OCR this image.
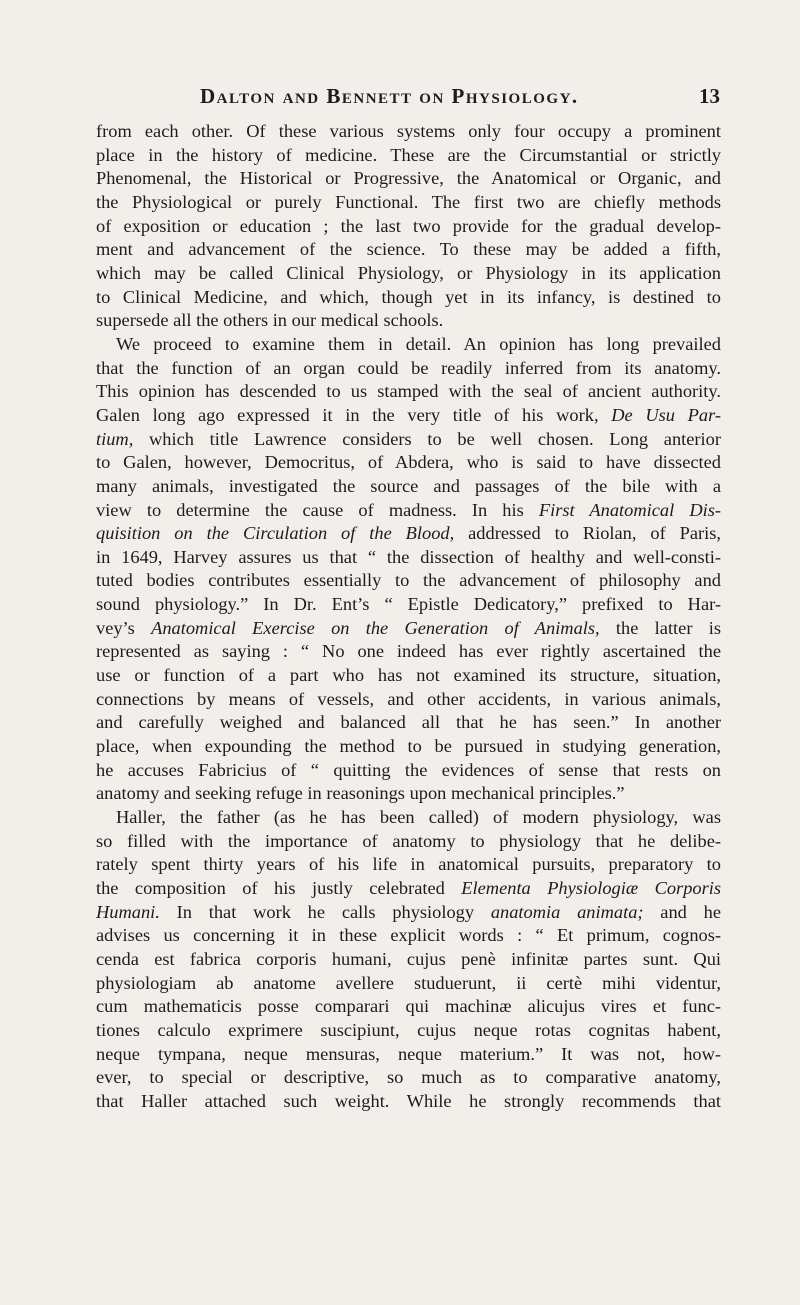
Dalton and Bennett on Physiology.	13
from each other. Of these various systems only four occupy a prominent
place in the history of medicine. These are the Circumstantial or strictly
Phenomenal, the Historical or Progressive, the Anatomical or Organic, and
the Physiological or purely Functional. The first two are chiefly methods
of exposition or education ; the last two provide for the gradual develop-
ment and advancement of the science. To these may be added a fifth,
which may be called Clinical Physiology, or Physiology in its application
to Clinical Medicine, and which, though yet in its infancy, is destined to
supersede all the others in our medical schools.
We proceed to examine them in detail. An opinion has long prevailed
that the function of an organ could be readily inferred from its anatomy.
This opinion has descended to us stamped with the seal of ancient authority.
Galen long ago expressed it in the very title of his work, De Usu Par-
tium, which title Lawrence considers to be well chosen. Long anterior
to Galen, however, Democritus, of Abdera, who is said to have dissected
many animals, investigated the source and passages of the bile with a
view to determine the cause of madness. In his First Anatomical Dis-
quisition on the Circulation of the Blood, addressed to Riolan, of Paris,
in 1649, Harvey assures us that “ the dissection of healthy and well-consti-
tuted bodies contributes essentially to the advancement of philosophy and
sound physiology.” In Dr. Ent’s “ Epistle Dedicatory,” prefixed to Har-
vey’s Anatomical Exercise on the Generation of Animals, the latter is
represented as saying : “ No one indeed has ever rightly ascertained the
use or function of a part who has not examined its structure, situation,
connections by means of vessels, and other accidents, in various animals,
and carefully weighed and balanced all that he has seen.” In another
place, when expounding the method to be pursued in studying generation,
he accuses Fabricius of “ quitting the evidences of sense that rests on
anatomy and seeking refuge in reasonings upon mechanical principles.”
Haller, the father (as he has been called) of modern physiology, was
so filled with the importance of anatomy to physiology that he delibe-
rately spent thirty years of his life in anatomical pursuits, preparatory to
the composition of his justly celebrated Elementa Physiologiæ Corporis
Humani. In that work he calls physiology anatomia animata; and he
advises us concerning it in these explicit words : “ Et primum, cognos-
cenda est fabrica corporis humani, cujus penè infinitæ partes sunt. Qui
physiologiam ab anatome avellere studuerunt, ii certè mihi videntur,
cum mathematicis posse comparari qui machinæ alicujus vires et func-
tiones calculo exprimere suscipiunt, cujus neque rotas cognitas habent,
neque tympana, neque mensuras, neque materium.” It was not, how-
ever, to special or descriptive, so much as to comparative anatomy,
that Haller attached such weight. While he strongly recommends that
